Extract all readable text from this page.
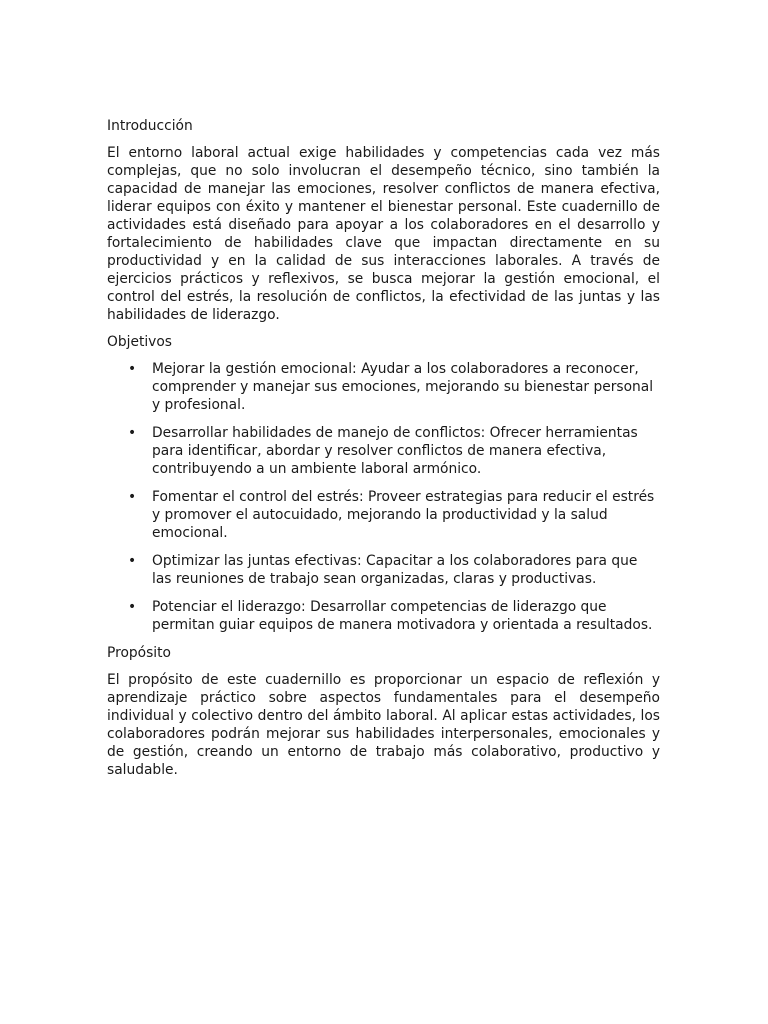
Introducción
El entorno laboral actual exige habilidades y competencias cada vez más complejas, que no solo involucran el desempeño técnico, sino también la capacidad de manejar las emociones, resolver conflictos de manera efectiva, liderar equipos con éxito y mantener el bienestar personal. Este cuadernillo de actividades está diseñado para apoyar a los colaboradores en el desarrollo y fortalecimiento de habilidades clave que impactan directamente en su productividad y en la calidad de sus interacciones laborales. A través de ejercicios prácticos y reflexivos, se busca mejorar la gestión emocional, el control del estrés, la resolución de conflictos, la efectividad de las juntas y las habilidades de liderazgo.
Objetivos
• Mejorar la gestión emocional: Ayudar a los colaboradores a reconocer, comprender y manejar sus emociones, mejorando su bienestar personal y profesional.
• Desarrollar habilidades de manejo de conflictos: Ofrecer herramientas para identificar, abordar y resolver conflictos de manera efectiva, contribuyendo a un ambiente laboral armónico.
• Fomentar el control del estrés: Proveer estrategias para reducir el estrés y promover el autocuidado, mejorando la productividad y la salud emocional.
• Optimizar las juntas efectivas: Capacitar a los colaboradores para que las reuniones de trabajo sean organizadas, claras y productivas.
• Potenciar el liderazgo: Desarrollar competencias de liderazgo que permitan guiar equipos de manera motivadora y orientada a resultados.
Propósito
El propósito de este cuadernillo es proporcionar un espacio de reflexión y aprendizaje práctico sobre aspectos fundamentales para el desempeño individual y colectivo dentro del ámbito laboral. Al aplicar estas actividades, los colaboradores podrán mejorar sus habilidades interpersonales, emocionales y de gestión, creando un entorno de trabajo más colaborativo, productivo y saludable.
